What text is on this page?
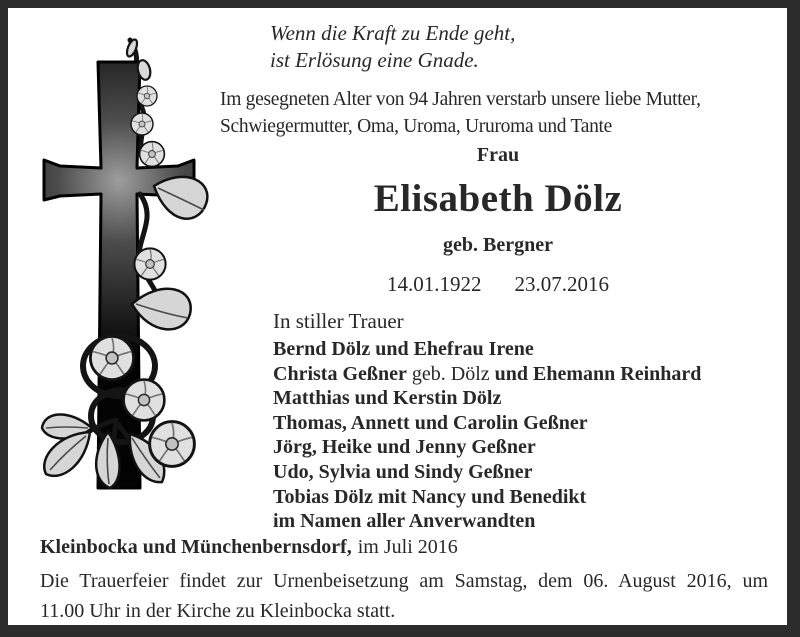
Wenn die Kraft zu Ende geht,
ist Erlösung eine Gnade.
Im gesegneten Alter von 94 Jahren verstarb unsere liebe Mutter,
Schwiegermutter, Oma, Uroma, Ururoma und Tante
Frau
Elisabeth Dölz
geb. Bergner
14.01.1922 23.07.2016
In stiller Trauer
Bernd Dölz und Ehefrau Irene
Christa Geßner geb. Dölz und Ehemann Reinhard
Matthias und Kerstin Dölz
Thomas, Annett und Carolin Geßner
Jörg, Heike und Jenny Geßner
Udo, Sylvia und Sindy Geßner
Tobias Dölz mit Nancy und Benedikt
im Namen aller Anverwandten
Kleinbocka und Münchenbernsdorf, im Juli 2016
Die Trauerfeier findet zur Urnenbeisetzung am Samstag, dem 06. August 2016, um
11.00 Uhr in der Kirche zu Kleinbocka statt.
